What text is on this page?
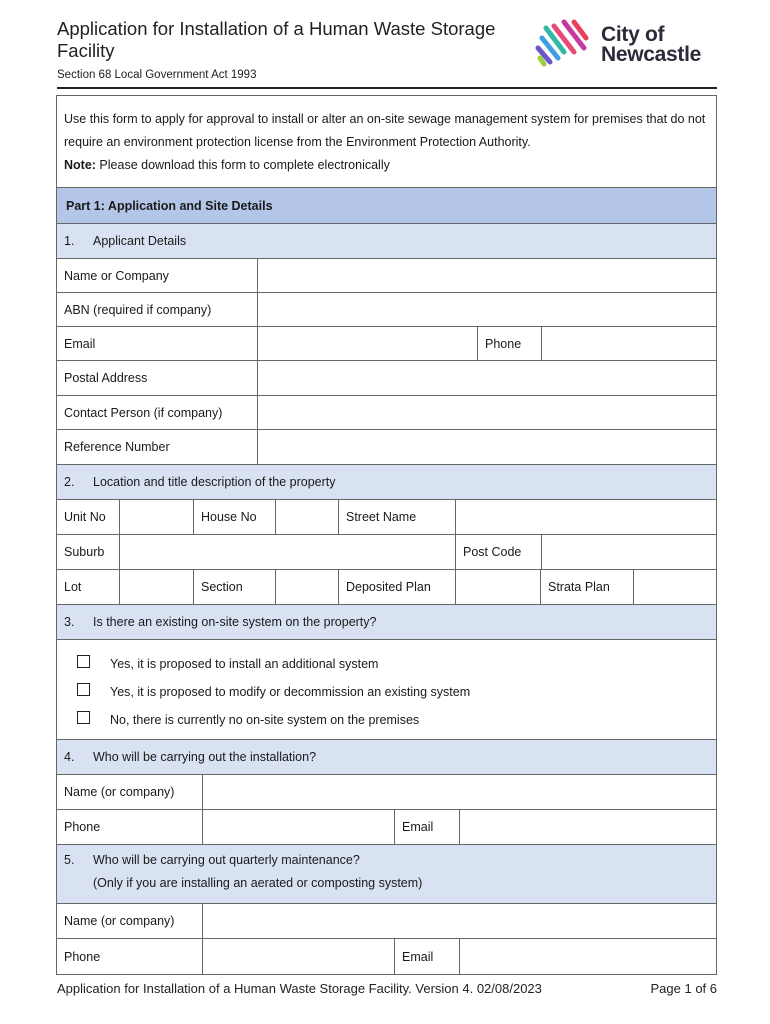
Application for Installation of a Human Waste Storage Facility
Section 68 Local Government Act 1993
City of
Newcastle
Use this form to apply for approval to install or alter an on-site sewage management system for premises that do not require an environment protection license from the Environment Protection Authority.
Note: Please download this form to complete electronically
Part 1: Application and Site Details
1.	Applicant Details
Name or Company
ABN (required if company)
Email	Phone
Postal Address
Contact Person (if company)
Reference Number
2.	Location and title description of the property
Unit No	House No	Street Name
Suburb	Post Code
Lot	Section	Deposited Plan	Strata Plan
3.	Is there an existing on-site system on the property?
Yes, it is proposed to install an additional system
Yes, it is proposed to modify or decommission an existing system
No, there is currently no on-site system on the premises
4.	Who will be carrying out the installation?
Name (or company)
Phone	Email
5. Who will be carrying out quarterly maintenance?
(Only if you are installing an aerated or composting system)
Name (or company)
Phone	Email
Application for Installation of a Human Waste Storage Facility. Version 4. 02/08/2023	Page 1 of 6
